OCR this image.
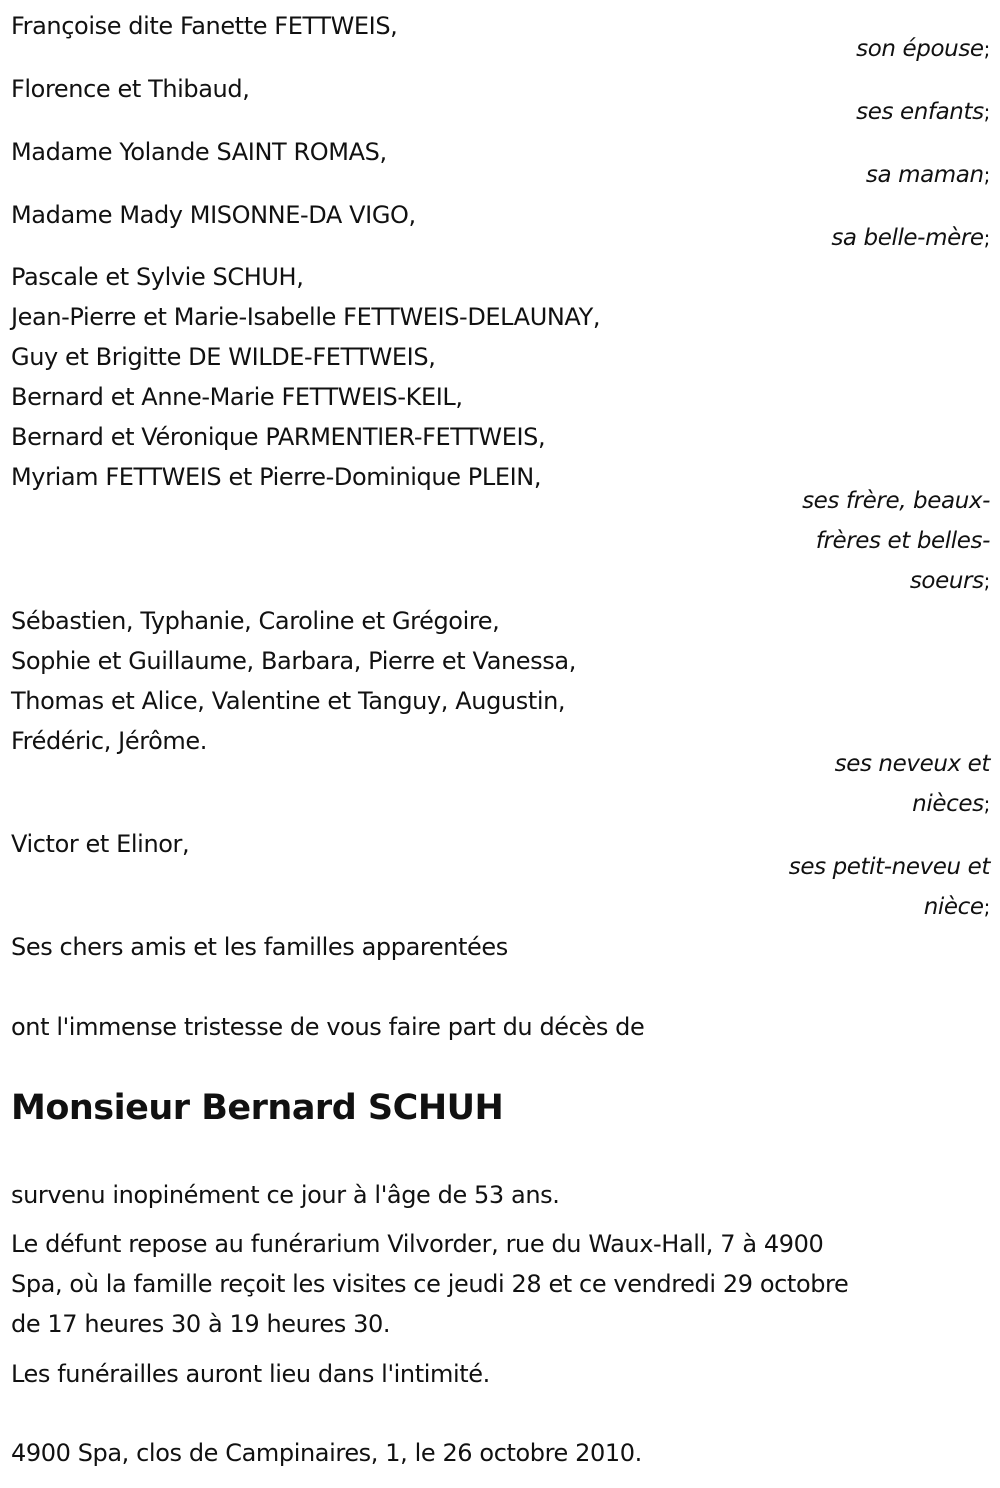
Françoise dite Fanette FETTWEIS,
son épouse;
Florence et Thibaud,
ses enfants;
Madame Yolande SAINT ROMAS,
sa maman;
Madame Mady MISONNE-DA VIGO,
sa belle-mère;
Pascale et Sylvie SCHUH,
Jean-Pierre et Marie-Isabelle FETTWEIS-DELAUNAY,
Guy et Brigitte DE WILDE-FETTWEIS,
Bernard et Anne-Marie FETTWEIS-KEIL,
Bernard et Véronique PARMENTIER-FETTWEIS,
Myriam FETTWEIS et Pierre-Dominique PLEIN,
ses frère, beaux-
frères et belles-
soeurs;
Sébastien, Typhanie, Caroline et Grégoire,
Sophie et Guillaume, Barbara, Pierre et Vanessa,
Thomas et Alice, Valentine et Tanguy, Augustin,
Frédéric, Jérôme.
ses neveux et
nièces;
Victor et Elinor,
ses petit-neveu et
nièce;
Ses chers amis et les familles apparentées
ont l'immense tristesse de vous faire part du décès de
Monsieur Bernard SCHUH
survenu inopinément ce jour à l'âge de 53 ans.
Le défunt repose au funérarium Vilvorder, rue du Waux-Hall, 7 à 4900
Spa, où la famille reçoit les visites ce jeudi 28 et ce vendredi 29 octobre
de 17 heures 30 à 19 heures 30.
Les funérailles auront lieu dans l'intimité.
4900 Spa, clos de Campinaires, 1, le 26 octobre 2010.
